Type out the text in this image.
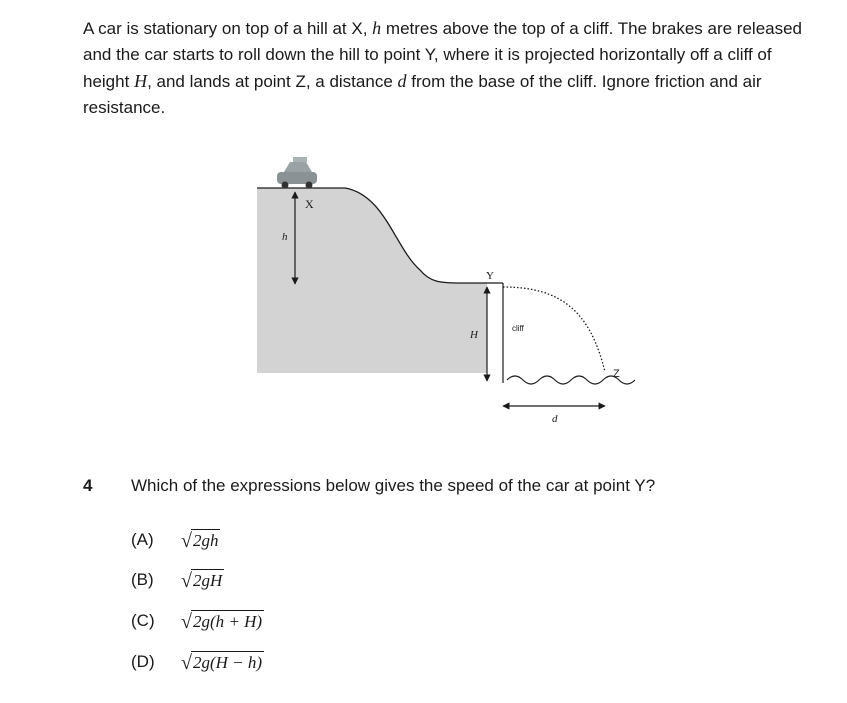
A car is stationary on top of a hill at X, h metres above the top of a cliff. The brakes are released and the car starts to roll down the hill to point Y, where it is projected horizontally off a cliff of height H, and lands at point Z, a distance d from the base of the cliff. Ignore friction and air resistance.

X
h
Y
H
cliff
Z
d
4 Which of the expressions below gives the speed of the car at point Y?
(A)	√ 2gh
(B)	√ 2gH
(C)	√ 2g(h + H)
(D)	√ 2g(H − h)
